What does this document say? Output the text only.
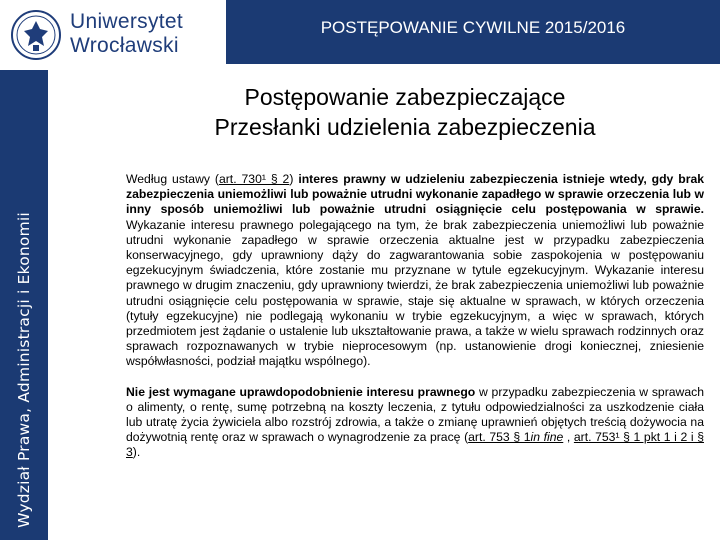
Uniwersytet
Wrocławski
POSTĘPOWANIE CYWILNE 2015/2016
Wydział Prawa, Administracji i Ekonomii
Postępowanie zabezpieczające
Przesłanki udzielenia zabezpieczenia

Według ustawy (art. 730¹ § 2) interes prawny w udzieleniu zabezpieczenia istnieje wtedy, gdy brak zabezpieczenia uniemożliwi lub poważnie utrudni wykonanie zapadłego w sprawie orzeczenia lub w inny sposób uniemożliwi lub poważnie utrudni osiągnięcie celu postępowania w sprawie. Wykazanie interesu prawnego polegającego na tym, że brak zabezpieczenia uniemożliwi lub poważnie utrudni wykonanie zapadłego w sprawie orzeczenia aktualne jest w przypadku zabezpieczenia konserwacyjnego, gdy uprawniony dąży do zagwarantowania sobie zaspokojenia w postępowaniu egzekucyjnym świadczenia, które zostanie mu przyznane w tytule egzekucyjnym. Wykazanie interesu prawnego w drugim znaczeniu, gdy uprawniony twierdzi, że brak zabezpieczenia uniemożliwi lub poważnie utrudni osiągnięcie celu postępowania w sprawie, staje się aktualne w sprawach, w których orzeczenia (tytuły egzekucyjne) nie podlegają wykonaniu w trybie egzekucyjnym, a więc w sprawach, których przedmiotem jest żądanie o ustalenie lub ukształtowanie prawa, a także w wielu sprawach rodzinnych oraz sprawach rozpoznawanych w trybie nieprocesowym (np. ustanowienie drogi koniecznej, zniesienie współwłasności, podział majątku wspólnego).

Nie jest wymagane uprawdopodobnienie interesu prawnego w przypadku zabezpieczenia w sprawach o alimenty, o rentę, sumę potrzebną na koszty leczenia, z tytułu odpowiedzialności za uszkodzenie ciała lub utratę życia żywiciela albo rozstrój zdrowia, a także o zmianę uprawnień objętych treścią dożywocia na dożywotnią rentę oraz w sprawach o wynagrodzenie za pracę (art. 753 § 1in fine , art. 753¹ § 1 pkt 1 i 2 i § 3).
